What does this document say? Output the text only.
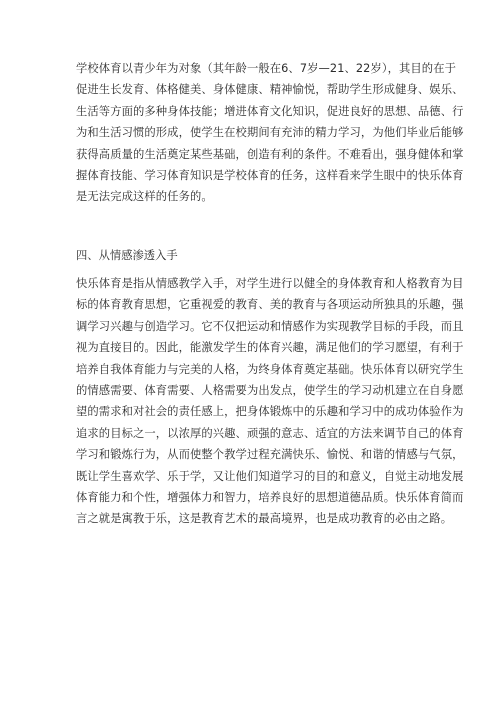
学校体育以青少年为对象（其年龄一般在6、7岁—21、22岁），其目的在于
促进生长发育、体格健美、身体健康、精神愉悦，帮助学生形成健身、娱乐、
生活等方面的多种身体技能；增进体育文化知识，促进良好的思想、品德、行
为和生活习惯的形成，使学生在校期间有充沛的精力学习，为他们毕业后能够
获得高质量的生活奠定某些基础，创造有利的条件。不难看出，强身健体和掌
握体育技能、学习体育知识是学校体育的任务，这样看来学生眼中的快乐体育
是无法完成这样的任务的。
四、从情感渗透入手
快乐体育是指从情感教学入手，对学生进行以健全的身体教育和人格教育为目
标的体育教育思想，它重视爱的教育、美的教育与各项运动所独具的乐趣，强
调学习兴趣与创造学习。它不仅把运动和情感作为实现教学目标的手段，而且
视为直接目的。因此，能激发学生的体育兴趣，满足他们的学习愿望，有利于
培养自我体育能力与完美的人格，为终身体育奠定基础。快乐体育以研究学生
的情感需要、体育需要、人格需要为出发点，使学生的学习动机建立在自身愿
望的需求和对社会的责任感上，把身体锻炼中的乐趣和学习中的成功体验作为
追求的目标之一，以浓厚的兴趣、顽强的意志、适宜的方法来调节自己的体育
学习和锻炼行为，从而使整个教学过程充满快乐、愉悦、和谐的情感与气氛，
既让学生喜欢学、乐于学，又让他们知道学习的目的和意义，自觉主动地发展
体育能力和个性，增强体力和智力，培养良好的思想道德品质。快乐体育简而
言之就是寓教于乐，这是教育艺术的最高境界，也是成功教育的必由之路。
